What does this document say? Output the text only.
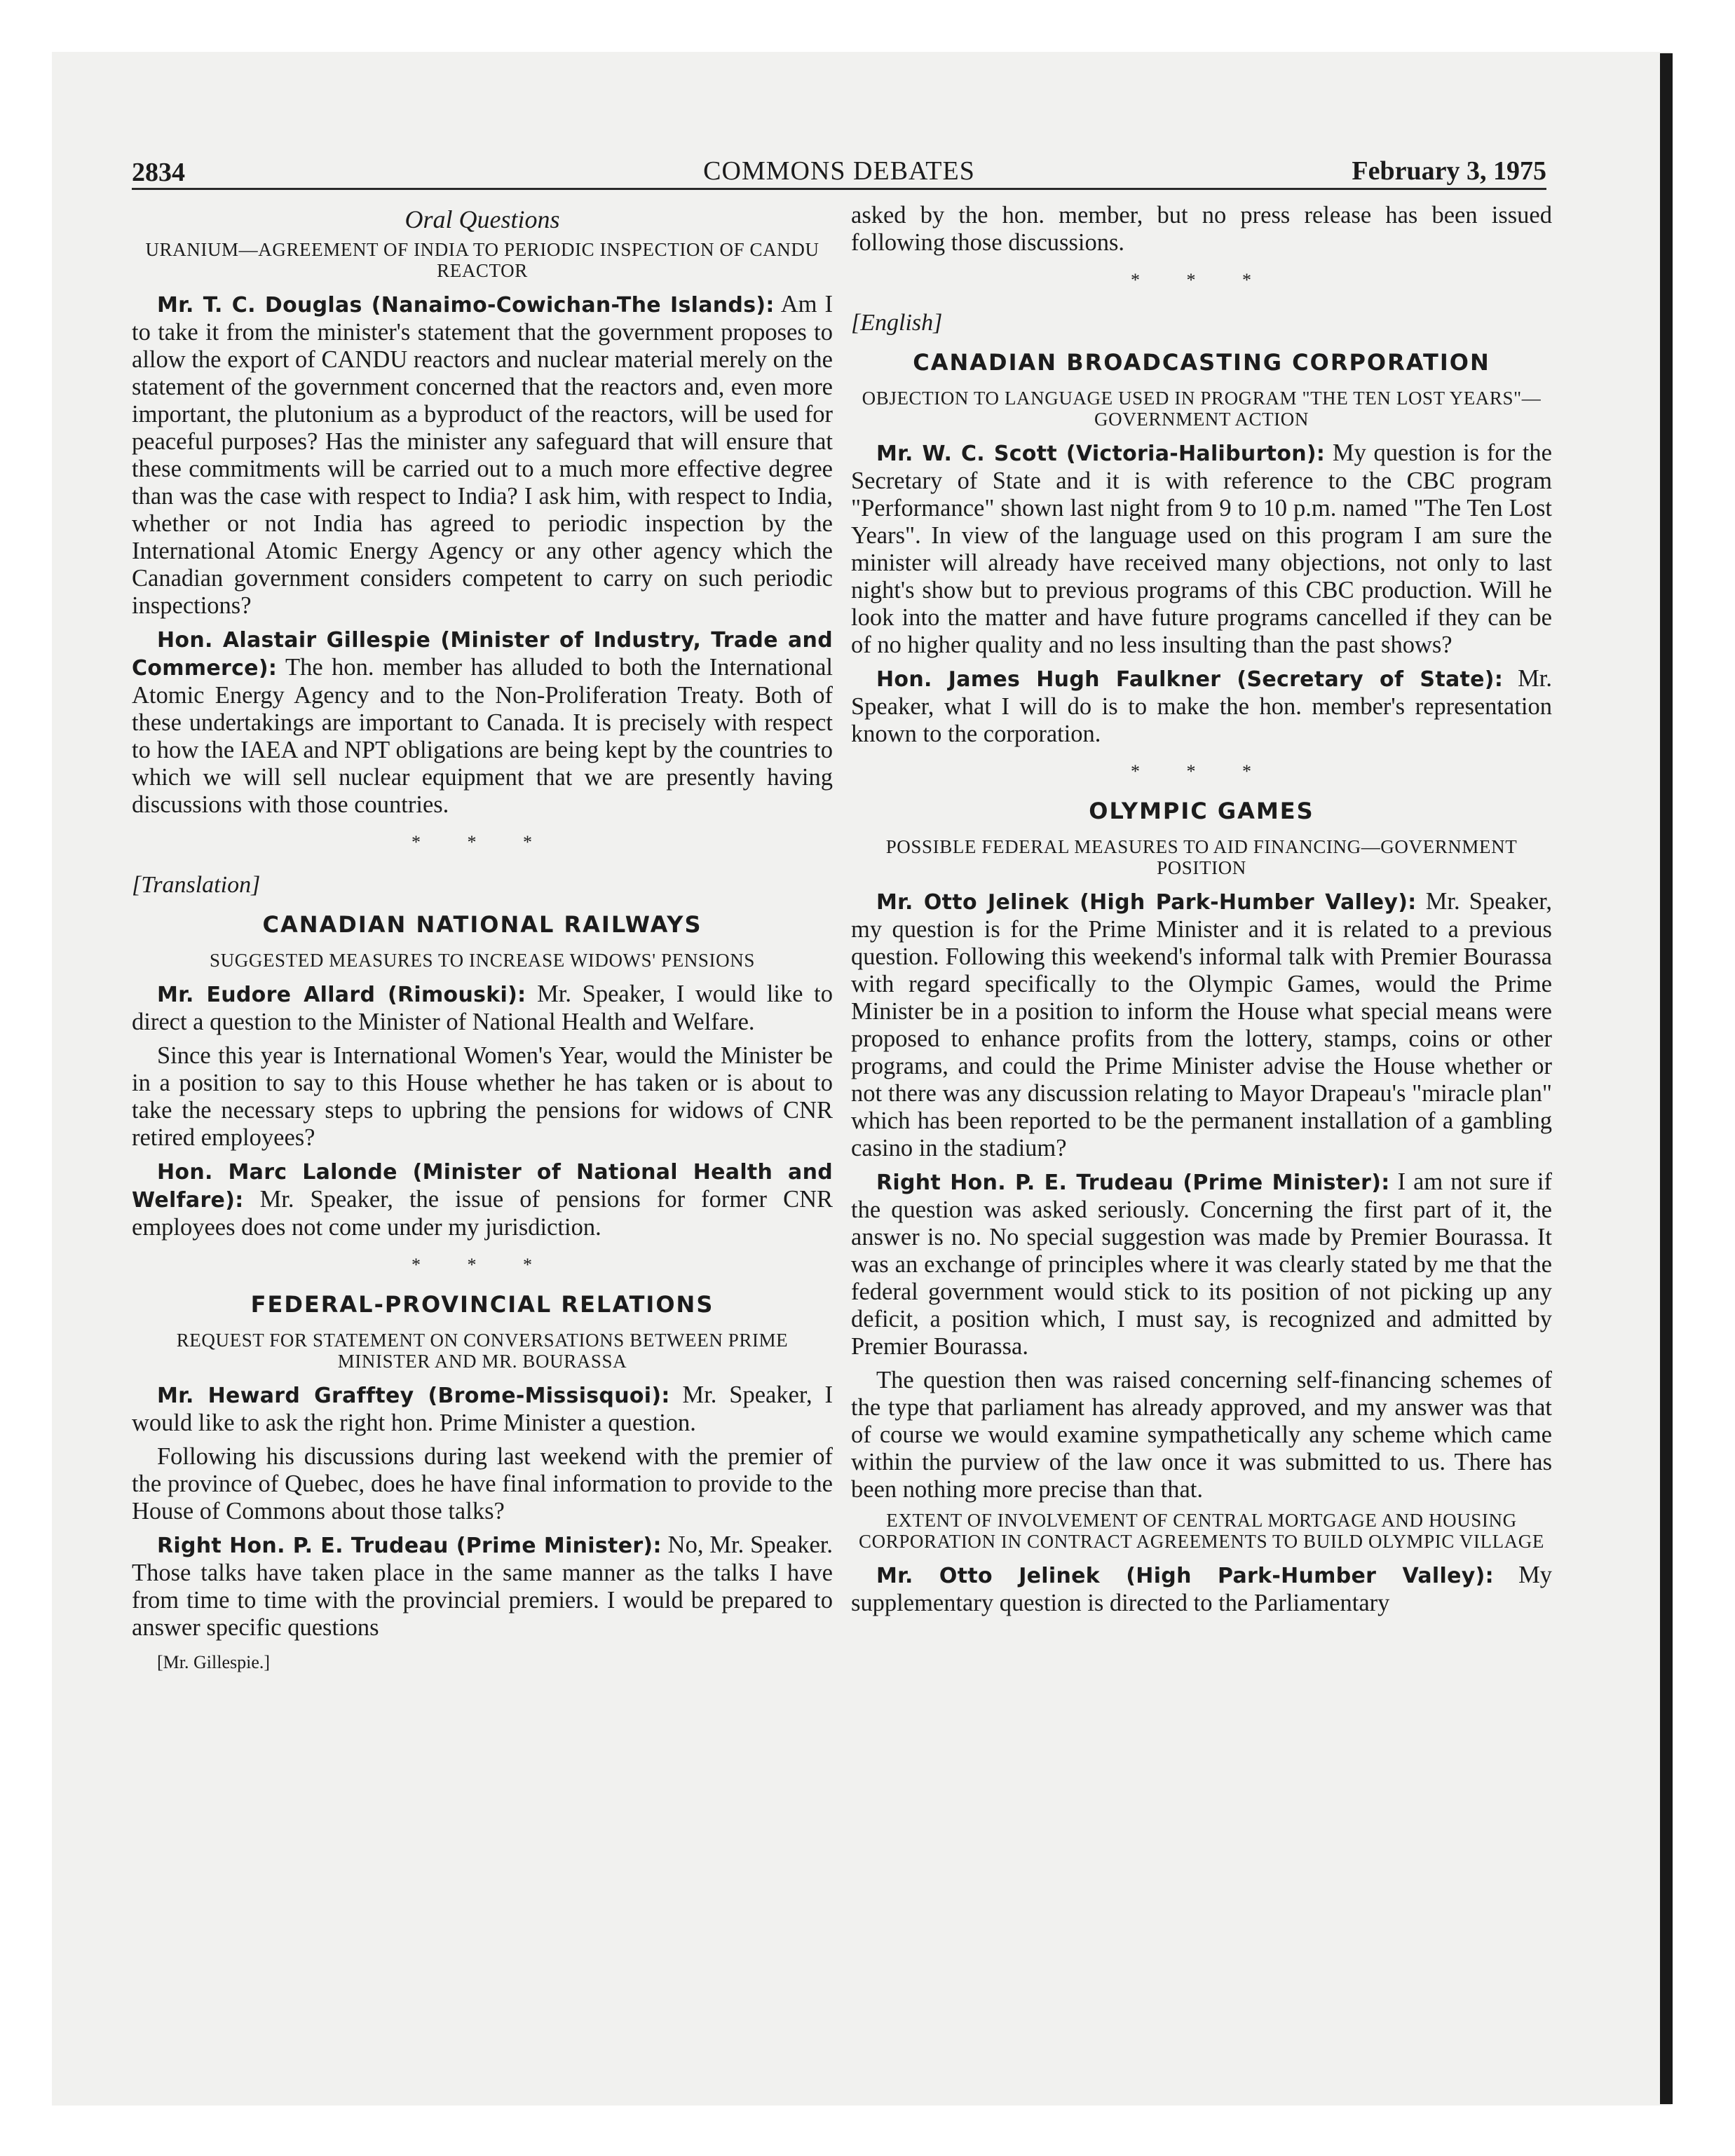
2834	COMMONS DEBATES	February 3, 1975
Oral Questions
URANIUM—AGREEMENT OF INDIA TO PERIODIC INSPECTION OF CANDU REACTOR

Mr. T. C. Douglas (Nanaimo-Cowichan-The Islands): Am I to take it from the minister's statement that the government proposes to allow the export of CANDU reactors and nuclear material merely on the statement of the government concerned that the reactors and, even more important, the plutonium as a byproduct of the reactors, will be used for peaceful purposes? Has the minister any safeguard that will ensure that these commitments will be carried out to a much more effective degree than was the case with respect to India? I ask him, with respect to India, whether or not India has agreed to periodic inspection by the International Atomic Energy Agency or any other agency which the Canadian government considers competent to carry on such periodic inspections?

Hon. Alastair Gillespie (Minister of Industry, Trade and Commerce): The hon. member has alluded to both the International Atomic Energy Agency and to the Non-Proliferation Treaty. Both of these undertakings are important to Canada. It is precisely with respect to how the IAEA and NPT obligations are being kept by the countries to which we will sell nuclear equipment that we are presently having discussions with those countries.

* * *
[Translation]
CANADIAN NATIONAL RAILWAYS
SUGGESTED MEASURES TO INCREASE WIDOWS' PENSIONS

Mr. Eudore Allard (Rimouski): Mr. Speaker, I would like to direct a question to the Minister of National Health and Welfare.

Since this year is International Women's Year, would the Minister be in a position to say to this House whether he has taken or is about to take the necessary steps to upbring the pensions for widows of CNR retired employees?

Hon. Marc Lalonde (Minister of National Health and Welfare): Mr. Speaker, the issue of pensions for former CNR employees does not come under my jurisdiction.

* * *
FEDERAL-PROVINCIAL RELATIONS
REQUEST FOR STATEMENT ON CONVERSATIONS BETWEEN PRIME MINISTER AND MR. BOURASSA

Mr. Heward Grafftey (Brome-Missisquoi): Mr. Speaker, I would like to ask the right hon. Prime Minister a question.

Following his discussions during last weekend with the premier of the province of Quebec, does he have final information to provide to the House of Commons about those talks?

Right Hon. P. E. Trudeau (Prime Minister): No, Mr. Speaker. Those talks have taken place in the same manner as the talks I have from time to time with the provincial premiers. I would be prepared to answer specific questions

[Mr. Gillespie.]

asked by the hon. member, but no press release has been issued following those discussions.

* * *
[English]
CANADIAN BROADCASTING CORPORATION
OBJECTION TO LANGUAGE USED IN PROGRAM "THE TEN LOST YEARS"—GOVERNMENT ACTION

Mr. W. C. Scott (Victoria-Haliburton): My question is for the Secretary of State and it is with reference to the CBC program "Performance" shown last night from 9 to 10 p.m. named "The Ten Lost Years". In view of the language used on this program I am sure the minister will already have received many objections, not only to last night's show but to previous programs of this CBC production. Will he look into the matter and have future programs cancelled if they can be of no higher quality and no less insulting than the past shows?

Hon. James Hugh Faulkner (Secretary of State): Mr. Speaker, what I will do is to make the hon. member's representation known to the corporation.

* * *
OLYMPIC GAMES
POSSIBLE FEDERAL MEASURES TO AID FINANCING—GOVERNMENT POSITION

Mr. Otto Jelinek (High Park-Humber Valley): Mr. Speaker, my question is for the Prime Minister and it is related to a previous question. Following this weekend's informal talk with Premier Bourassa with regard specifically to the Olympic Games, would the Prime Minister be in a position to inform the House what special means were proposed to enhance profits from the lottery, stamps, coins or other programs, and could the Prime Minister advise the House whether or not there was any discussion relating to Mayor Drapeau's "miracle plan" which has been reported to be the permanent installation of a gambling casino in the stadium?

Right Hon. P. E. Trudeau (Prime Minister): I am not sure if the question was asked seriously. Concerning the first part of it, the answer is no. No special suggestion was made by Premier Bourassa. It was an exchange of principles where it was clearly stated by me that the federal government would stick to its position of not picking up any deficit, a position which, I must say, is recognized and admitted by Premier Bourassa.

The question then was raised concerning self-financing schemes of the type that parliament has already approved, and my answer was that of course we would examine sympathetically any scheme which came within the purview of the law once it was submitted to us. There has been nothing more precise than that.

EXTENT OF INVOLVEMENT OF CENTRAL MORTGAGE AND HOUSING CORPORATION IN CONTRACT AGREEMENTS TO BUILD OLYMPIC VILLAGE

Mr. Otto Jelinek (High Park-Humber Valley): My supplementary question is directed to the Parliamentary
